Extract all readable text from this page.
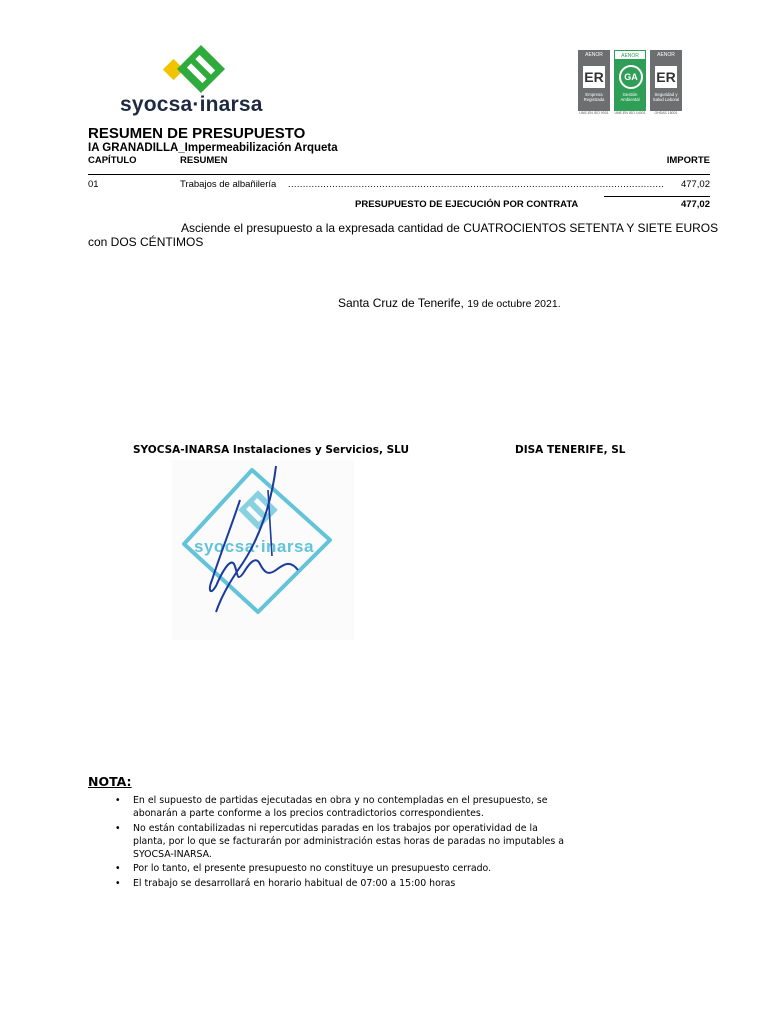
syocsa·inarsa
AENOR
ER
Empresa Registrada
UNE-EN ISO 9001
AENOR
GA
Gestión Ambiental
UNE-EN ISO 14001
AENOR
ER
Seguridad y Salud Laboral
OHSAS 18001
RESUMEN DE PRESUPUESTO
IA GRANADILLA_Impermeabilización Arqueta
CAPÍTULO	RESUMEN	IMPORTE
01	Trabajos de albañilería ................................................................................................................................ 477,02
PRESUPUESTO DE EJECUCIÓN POR CONTRATA	477,02
Asciende el presupuesto a la expresada cantidad de CUATROCIENTOS SETENTA Y SIETE EUROS con DOS CÉNTIMOS
Santa Cruz de Tenerife, 19 de octubre 2021.
SYOCSA-INARSA Instalaciones y Servicios, SLU	DISA TENERIFE, SL
syocsa·inarsa
NOTA:
• En el supuesto de partidas ejecutadas en obra y no contempladas en el presupuesto, se abonarán a parte conforme a los precios contradictorios correspondientes.
• No están contabilizadas ni repercutidas paradas en los trabajos por operatividad de la planta, por lo que se facturarán por administración estas horas de paradas no imputables a SYOCSA-INARSA.
• Por lo tanto, el presente presupuesto no constituye un presupuesto cerrado.
• El trabajo se desarrollará en horario habitual de 07:00 a 15:00 horas
